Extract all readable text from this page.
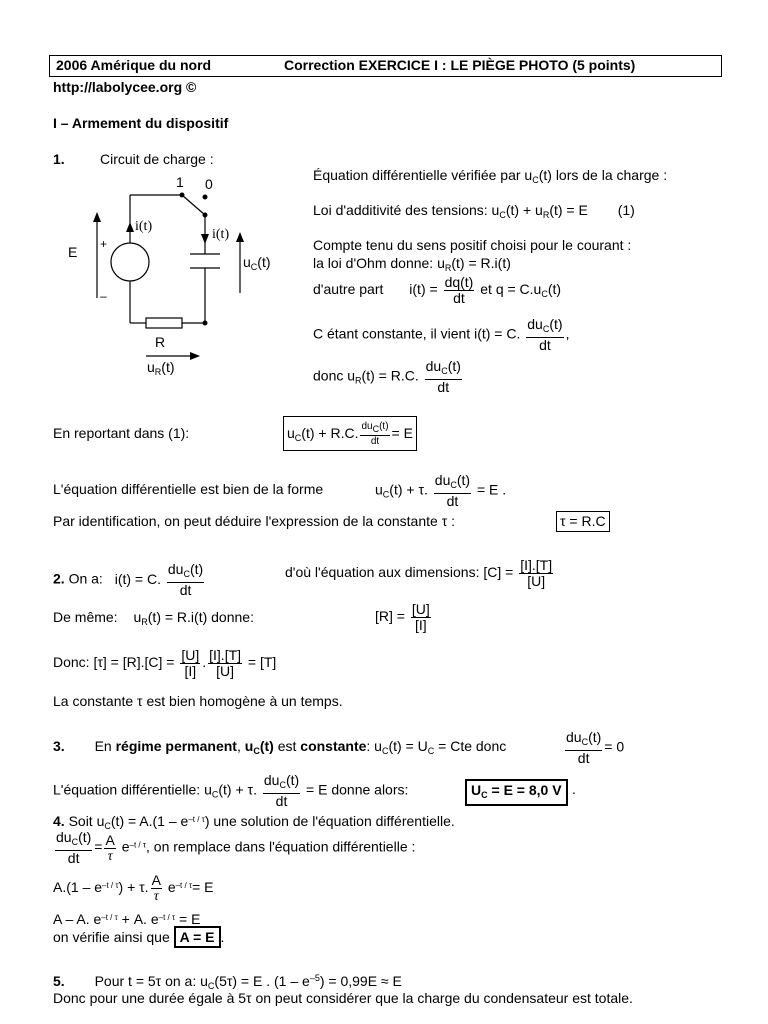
2006 Amérique du nord	Correction EXERCICE I : LE PIÈGE PHOTO (5 points)
http://labolycee.org ©
I – Armement du dispositif
1.	Circuit de charge :
1 0
E +
–
i(t)
i(t)
$u_C(t)$
R
$u_R(t)$
Équation différentielle vérifiée par $u_C(t)$ lors de la charge :
Loi d'additivité des tensions: $u_C(t) + u_R(t) = E$ (1)
Compte tenu du sens positif choisi pour le courant :
la loi d'Ohm donne: $u_R(t) = R.i(t)$
d'autre part $i(t) = \frac{dq(t)}{dt}$ et $q = C.u_C(t)$
C étant constante, il vient i(t) = C. $\frac{du_C(t)}{dt}$ ,
donc $u_R(t) = R.C$. $\frac{du_C(t)}{dt}$
En reportant dans (1):	$u_C(t) + R.C$. $\frac{du_C(t)}{dt} = E$
L'équation différentielle est bien de la forme	$u_C(t) + \tau$. $\frac{du_C(t)}{dt} = E$ .
Par identification, on peut déduire l'expression de la constante τ :	τ = R.C
2. On a: i(t) = C. $\frac{du_C(t)}{dt}$	d'où l'équation aux dimensions: $[C] = \frac{[I].[T]}{[U]}$
De même: $u_R(t) = R.i(t)$ donne:	$[R] = \frac{[U]}{[I]}$
Donc: $[\tau] = [R].[C] = \frac{[U]}{[I]}$ . $\frac{[I].[T]}{[U]} = [T]$
La constante τ est bien homogène à un temps.
3. En régime permanent, $u_C(t)$ est constante: $u_C(t) = U_C$ = Cte donc	$\frac{du_C(t)}{dt} = 0$
L'équation différentielle: $u_C(t) + \tau$. $\frac{du_C(t)}{dt} = E$ donne alors:	$U_C = E = 8,0$ V .
4. Soit $u_C(t) = A.(1 - e^{-t / \tau})$ une solution de l'équation différentielle.
$\frac{du_C(t)}{dt} = \frac{A}{\tau} e^{-t / \tau}$, on remplace dans l'équation différentielle :
$A.(1 - e^{-t / \tau}) + \tau$. $\frac{A}{\tau} e^{-t / \tau}= E$
A – A. $e^{-t / \tau} + A$. $e^{-t / \tau} = E$
on vérifie ainsi que A = E .
5. Pour t = 5τ on a: $u_C(5\tau) = E$ . $(1 - e^{-5}) = 0,99E \approx E$
Donc pour une durée égale à 5τ on peut considérer que la charge du condensateur est totale.
